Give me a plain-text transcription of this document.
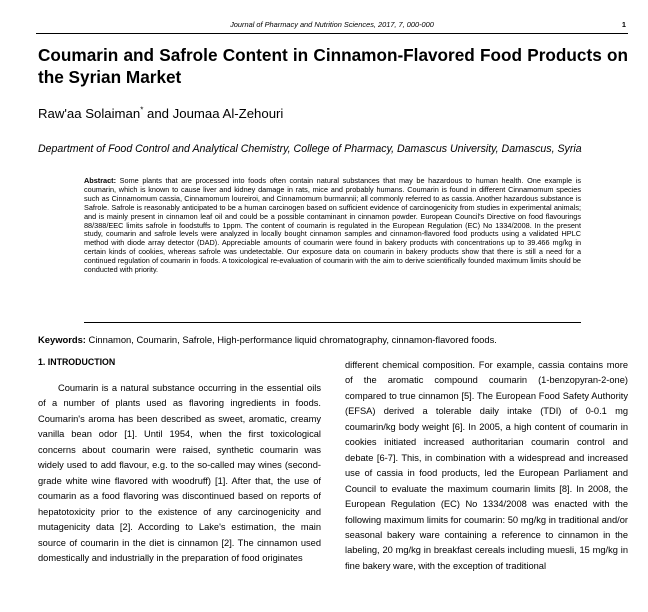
Journal of Pharmacy and Nutrition Sciences, 2017, 7, 000-000	1
Coumarin and Safrole Content in Cinnamon-Flavored Food Products on the Syrian Market

Raw'aa Solaiman* and Joumaa Al-Zehouri

Department of Food Control and Analytical Chemistry, College of Pharmacy, Damascus University, Damascus, Syria

Abstract: Some plants that are processed into foods often contain natural substances that may be hazardous to human health. One example is coumarin, which is known to cause liver and kidney damage in rats, mice and probably humans. Coumarin is found in different Cinnamomum species such as Cinnamomum cassia, Cinnamomum loureiroi, and Cinnamomum burmannii; all commonly referred to as cassia. Another hazardous substance is Safrole. Safrole is reasonably anticipated to be a human carcinogen based on sufficient evidence of carcinogenicity from studies in experimental animals; and is mainly present in cinnamon leaf oil and could be a possible contaminant in cinnamon powder. European Council's Directive on food flavourings 88/388/EEC limits safrole in foodstuffs to 1ppm. The content of coumarin is regulated in the European Regulation (EC) No 1334/2008. In the present study, coumarin and safrole levels were analyzed in locally bought cinnamon samples and cinnamon-flavored food products using a validated HPLC method with diode array detector (DAD). Appreciable amounts of coumarin were found in bakery products with concentrations up to 39.466 mg/kg in certain kinds of cookies, whereas safrole was undetectable. Our exposure data on coumarin in bakery products show that there is still a need for a continued regulation of coumarin in foods. A toxicological re-evaluation of coumarin with the aim to derive scientifically founded maximum limits should be conducted with priority.

Keywords: Cinnamon, Coumarin, Safrole, High-performance liquid chromatography, cinnamon-flavored foods.

1. INTRODUCTION

Coumarin is a natural substance occurring in the essential oils of a number of plants used as flavoring ingredients in foods. Coumarin's aroma has been described as sweet, aromatic, creamy vanilla bean odor [1]. Until 1954, when the first toxicological concerns about coumarin were raised, synthetic coumarin was widely used to add flavour, e.g. to the so-called may wines (second-grade white wine flavored with woodruff) [1]. After that, the use of coumarin as a food flavoring was discontinued based on reports of hepatotoxicity prior to the existence of any carcinogenicity and mutagenicity data [2]. According to Lake's estimation, the main source of coumarin in the diet is cinnamon [2]. The cinnamon used domestically and industrially in the preparation of food originates

different chemical composition. For example, cassia contains more of the aromatic compound coumarin (1-benzopyran-2-one) compared to true cinnamon [5]. The European Food Safety Authority (EFSA) derived a tolerable daily intake (TDI) of 0-0.1 mg coumarin/kg body weight [6]. In 2005, a high content of coumarin in cookies initiated increased authoritarian coumarin control and debate [6-7]. This, in combination with a widespread and increased use of cassia in food products, led the European Parliament and Council to evaluate the maximum coumarin limits [8]. In 2008, the European Regulation (EC) No 1334/2008 was enacted with the following maximum limits for coumarin: 50 mg/kg in traditional and/or seasonal bakery ware containing a reference to cinnamon in the labeling, 20 mg/kg in breakfast cereals including muesli, 15 mg/kg in fine bakery ware, with the exception of traditional
